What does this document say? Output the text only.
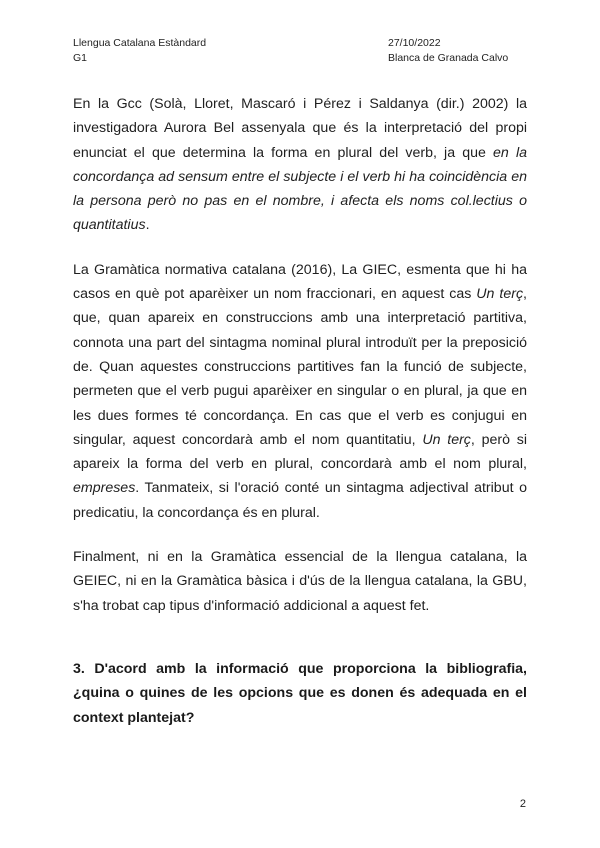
Llengua Catalana Estàndard	27/10/2022
G1	Blanca de Granada Calvo

En la Gcc (Solà, Lloret, Mascaró i Pérez i Saldanya (dir.) 2002) la investigadora Aurora Bel assenyala que és la interpretació del propi enunciat el que determina la forma en plural del verb, ja que en la concordança ad sensum entre el subjecte i el verb hi ha coincidència en la persona però no pas en el nombre, i afecta els noms col.lectius o quantitatius.

La Gramàtica normativa catalana (2016), La GIEC, esmenta que hi ha casos en què pot aparèixer un nom fraccionari, en aquest cas Un terç, que, quan apareix en construccions amb una interpretació partitiva, connota una part del sintagma nominal plural introduït per la preposició de. Quan aquestes construccions partitives fan la funció de subjecte, permeten que el verb pugui aparèixer en singular o en plural, ja que en les dues formes té concordança. En cas que el verb es conjugui en singular, aquest concordarà amb el nom quantitatiu, Un terç, però si apareix la forma del verb en plural, concordarà amb el nom plural, empreses. Tanmateix, si l'oració conté un sintagma adjectival atribut o predicatiu, la concordança és en plural.

Finalment, ni en la Gramàtica essencial de la llengua catalana, la GEIEC, ni en la Gramàtica bàsica i d'ús de la llengua catalana, la GBU, s'ha trobat cap tipus d'informació addicional a aquest fet.

3. D'acord amb la informació que proporciona la bibliografia, ¿quina o quines de les opcions que es donen és adequada en el context plantejat?

2
